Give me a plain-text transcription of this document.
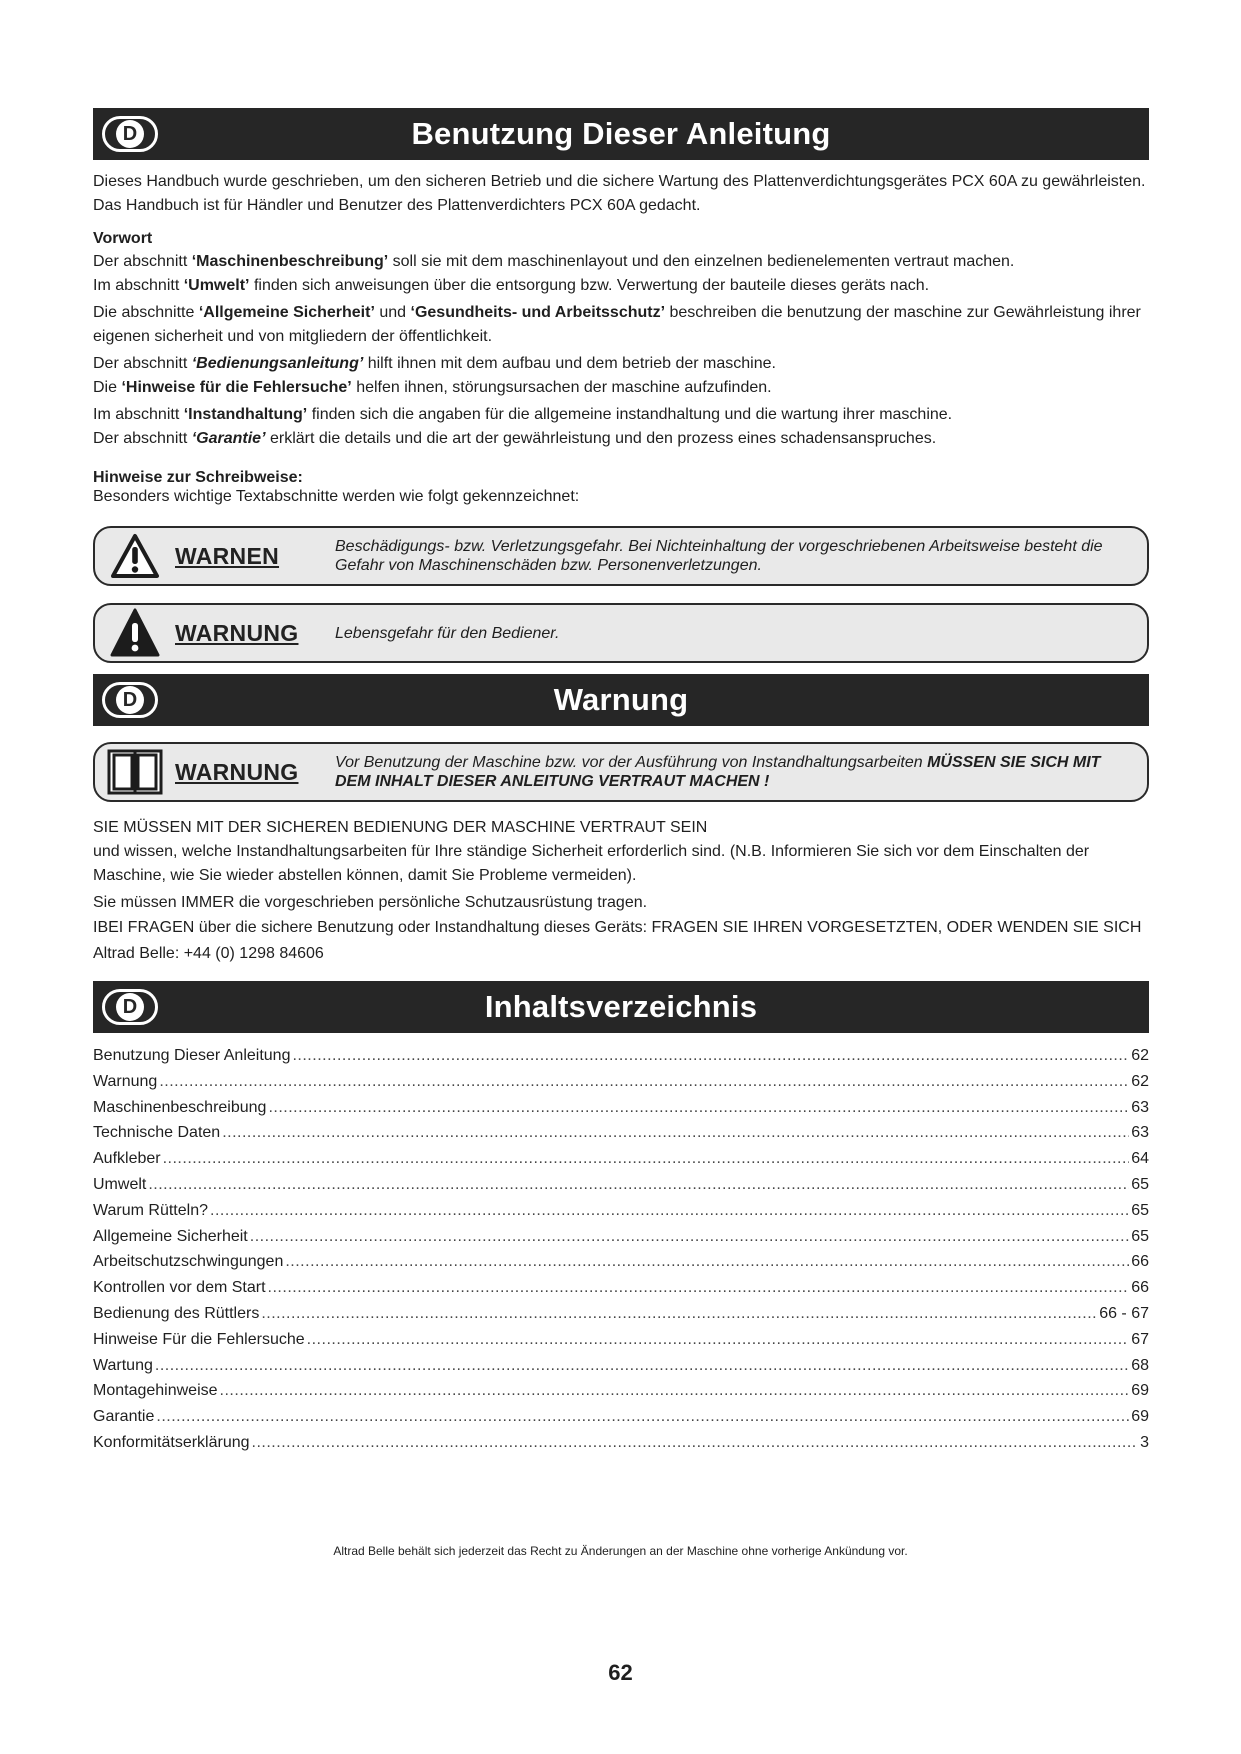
D	Benutzung Dieser Anleitung

Dieses Handbuch wurde geschrieben, um den sicheren Betrieb und die sichere Wartung des Plattenverdichtungsgerätes PCX 60A zu gewährleisten. Das Handbuch ist für Händler und Benutzer des Plattenverdichters PCX 60A gedacht.

Vorwort

Der abschnitt ‘Maschinenbeschreibung’ soll sie mit dem maschinenlayout und den einzelnen bedienelementen vertraut machen.

Im abschnitt ‘Umwelt’ finden sich anweisungen über die entsorgung bzw. Verwertung der bauteile dieses geräts nach.

Die abschnitte ‘Allgemeine Sicherheit’ und ‘Gesundheits- und Arbeitsschutz’ beschreiben die benutzung der maschine zur Gewährleistung ihrer eigenen sicherheit und von mitgliedern der öffentlichkeit.

Der abschnitt ‘Bedienungsanleitung’ hilft ihnen mit dem aufbau und dem betrieb der maschine.

Die ‘Hinweise für die Fehlersuche’ helfen ihnen, störungsursachen der maschine aufzufinden.

Im abschnitt ‘Instandhaltung’ finden sich die angaben für die allgemeine instandhaltung und die wartung ihrer maschine.

Der abschnitt ‘Garantie’ erklärt die details und die art der gewährleistung und den prozess eines schadensanspruches.

Hinweise zur Schreibweise:

Besonders wichtige Textabschnitte werden wie folgt gekennzeichnet:

WARNEN	Beschädigungs- bzw. Verletzungsgefahr. Bei Nichteinhaltung der vorgeschriebenen Arbeitsweise besteht die Gefahr von Maschinenschäden bzw. Personenverletzungen.
WARNUNG	Lebensgefahr für den Bediener.
D	Warnung
WARNUNG	Vor Benutzung der Maschine bzw. vor der Ausführung von Instandhaltungsarbeiten MÜSSEN SIE SICH MIT DEM INHALT DIESER ANLEITUNG VERTRAUT MACHEN !

SIE MÜSSEN MIT DER SICHEREN BEDIENUNG DER MASCHINE VERTRAUT SEIN

und wissen, welche Instandhaltungsarbeiten für Ihre ständige Sicherheit erforderlich sind. (N.B. Informieren Sie sich vor dem Einschalten der Maschine, wie Sie wieder abstellen können, damit Sie Probleme vermeiden).

Sie müssen IMMER die vorgeschrieben persönliche Schutzausrüstung tragen.

IBEI FRAGEN über die sichere Benutzung oder Instandhaltung dieses Geräts: FRAGEN SIE IHREN VORGESETZTEN, ODER WENDEN SIE SICH Altrad Belle: +44 (0) 1298 84606

D	Inhaltsverzeichnis
Benutzung Dieser Anleitung .....	62
Warnung .....	62
Maschinenbeschreibung .....	63
Technische Daten .....	63
Aufkleber .....	64
Umwelt .....	65
Warum Rütteln? .....	65
Allgemeine Sicherheit .....	65
Arbeitschutzschwingungen .....	66
Kontrollen vor dem Start .....	66
Bedienung des Rüttlers .....	66 - 67
Hinweise Für die Fehlersuche .....	67
Wartung .....	68
Montagehinweise .....	69
Garantie .....	69
Konformitätserklärung .....	3
Altrad Belle behält sich jederzeit das Recht zu Änderungen an der Maschine ohne vorherige Ankündung vor.
62
